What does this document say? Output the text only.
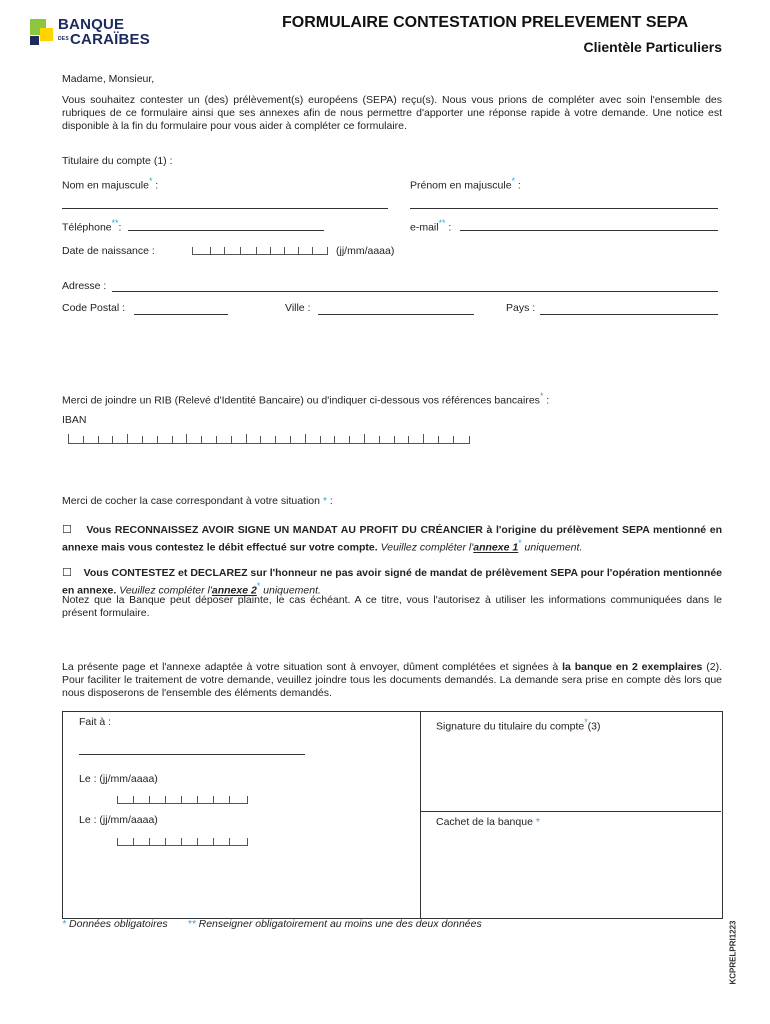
BANQUE
DES CARAÏBES
FORMULAIRE CONTESTATION PRELEVEMENT SEPA
Clientèle Particuliers
Madame, Monsieur,
Vous souhaitez contester un (des) prélèvement(s) européens (SEPA) reçu(s). Nous vous prions de compléter avec soin l'ensemble des rubriques de ce formulaire ainsi que ses annexes afin de nous permettre d'apporter une réponse rapide à votre demande. Une notice est disponible à la fin du formulaire pour vous aider à compléter ce formulaire.
Titulaire du compte (1) :
Nom en majuscule* :	Prénom en majuscule* :
Téléphone**:	e-mail** :
Date de naissance :	(jj/mm/aaaa)
Adresse :
Code Postal :	Ville :	Pays :
Merci de joindre un RIB (Relevé d'Identité Bancaire) ou d'indiquer ci-dessous vos références bancaires* :
IBAN
Merci de cocher la case correspondant à votre situation * :
☐ Vous RECONNAISSEZ AVOIR SIGNE UN MANDAT AU PROFIT DU CRÉANCIER à l'origine du prélèvement SEPA mentionné en annexe mais vous contestez le débit effectué sur votre compte. Veuillez compléter l'annexe 1* uniquement.
☐ Vous CONTESTEZ et DECLAREZ sur l'honneur ne pas avoir signé de mandat de prélèvement SEPA pour l'opération mentionnée en annexe. Veuillez compléter l'annexe 2* uniquement.
Notez que la Banque peut déposer plainte, le cas échéant. A ce titre, vous l'autorisez à utiliser les informations communiquées dans le présent formulaire.
La présente page et l'annexe adaptée à votre situation sont à envoyer, dûment complétées et signées à la banque en 2 exemplaires (2). Pour faciliter le traitement de votre demande, veuillez joindre tous les documents demandés. La demande sera prise en compte dès lors que nous disposerons de l'ensemble des éléments demandés.
Fait à :
Le : (jj/mm/aaaa)
Le : (jj/mm/aaaa)
Signature du titulaire du compte*(3)
Cachet de la banque *
* Données obligatoires ** Renseigner obligatoirement au moins une des deux données	KCPRELPRI1223
